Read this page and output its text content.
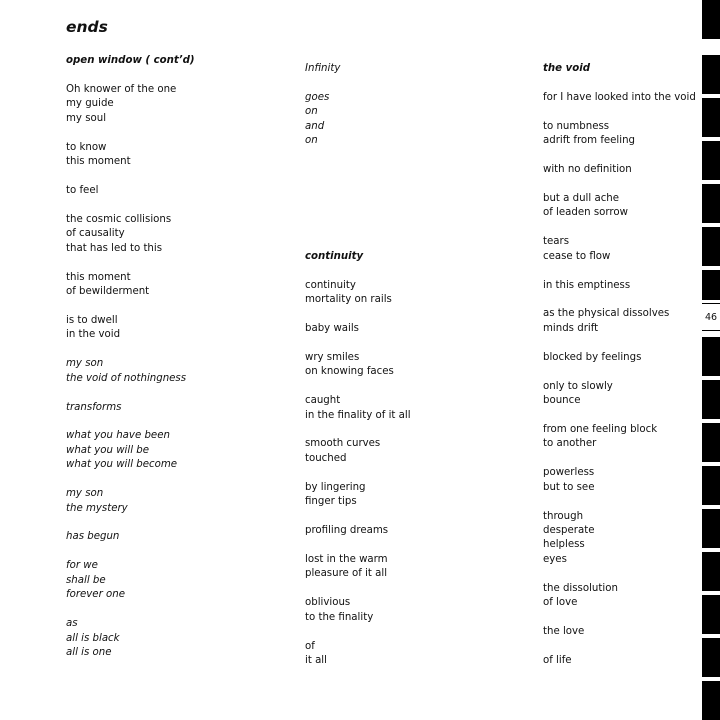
ends
open window ( cont’d)
Oh knower of the one
my guide
my soul
to know
this moment
to feel
the cosmic collisions
of causality
that has led to this
this moment
of bewilderment
is to dwell
in the void
my son
the void of nothingness
transforms
what you have been
what you will be
what you will become
my son
the mystery
has begun
for we
shall be
forever one
as
all is black
all is one
Infinity
goes
on
and
on
continuity
continuity
mortality on rails
baby wails
wry smiles
on knowing faces
caught
in the finality of it all
smooth curves
touched
by lingering
finger tips
profiling dreams
lost in the warm
pleasure of it all
oblivious
to the finality
of
it all
the void
for I have looked into the void
to numbness
adrift from feeling
with no definition
but a dull ache
of leaden sorrow
tears
cease to flow
in this emptiness
as the physical dissolves
minds drift
blocked by feelings
only to slowly
bounce
from one feeling block
to another
powerless
but to see
through
desperate
helpless
eyes
the dissolution
of love
the love
of life
46
